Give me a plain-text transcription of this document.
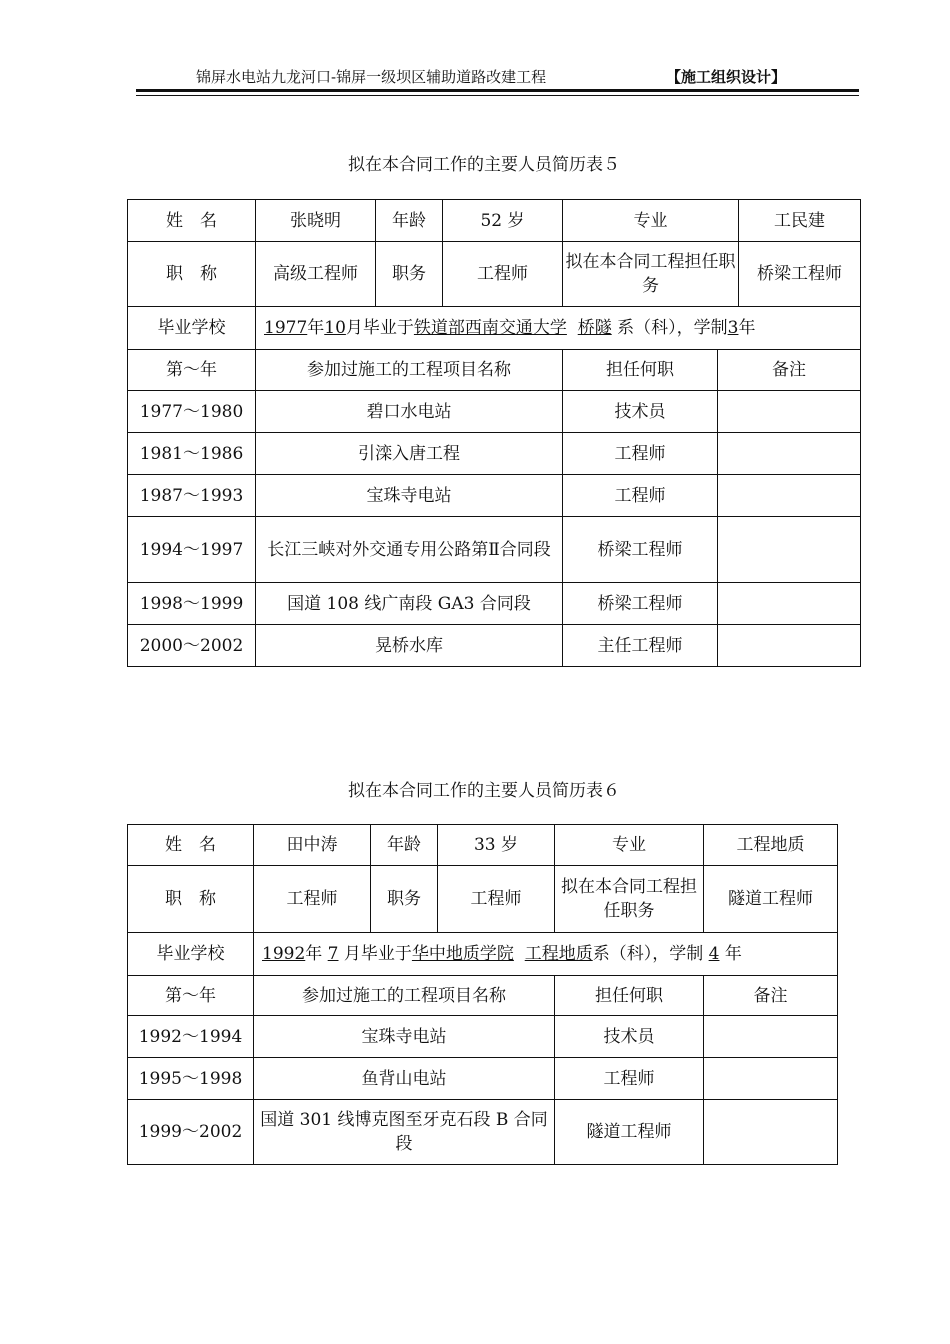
锦屏水电站九龙河口-锦屏一级坝区辅助道路改建工程	【施工组织设计】
拟在本合同工作的主要人员简历表５
姓　名	张晓明	年龄	52 岁	专业		工民建
职　称	高级工程师	职务	工程师	拟在本合同工程担任职务		桥梁工程师
毕业学校	1977年10月毕业于铁道部西南交通大学 桥隧 系（科），学制3年					
第～年	参加过施工的工程项目名称			担任何职	备注	
1977～1980	碧口水电站			技术员		
1981～1986	引滦入唐工程			工程师		
1987～1993	宝珠寺电站			工程师		
1994～1997	长江三峡对外交通专用公路第Ⅱ合同段			桥梁工程师		
1998～1999	国道 108 线广南段 GA3 合同段			桥梁工程师		
2000～2002	晃桥水库			主任工程师		
拟在本合同工作的主要人员简历表６
姓　名	田中涛	年龄	33 岁	专业	工程地质
职　称	工程师	职务	工程师	拟在本合同工程担任职务	隧道工程师
毕业学校	1992年 7 月毕业于华中地质学院 工程地质系（科），学制 4 年				
第～年	参加过施工的工程项目名称			担任何职	备注
1992～1994	宝珠寺电站			技术员	
1995～1998	鱼背山电站			工程师	
1999～2002	国道 301 线博克图至牙克石段 B 合同段			隧道工程师	
